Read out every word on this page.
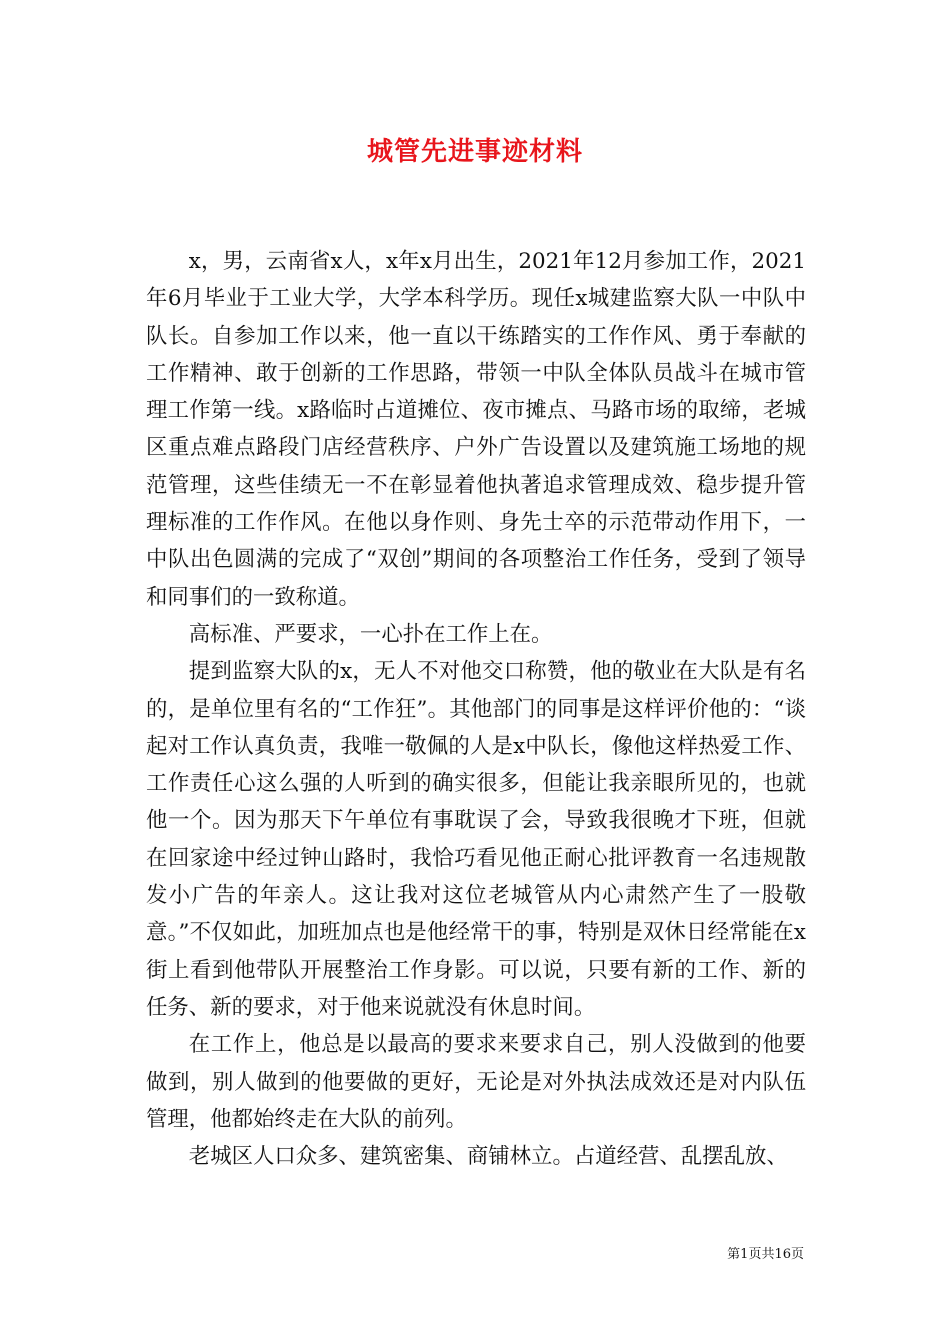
城管先进事迹材料

x，男，云南省x人，x年x月出生，2021年12月参加工作，2021年6月毕业于工业大学，大学本科学历。现任x城建监察大队一中队中队长。自参加工作以来，他一直以干练踏实的工作作风、勇于奉献的工作精神、敢于创新的工作思路，带领一中队全体队员战斗在城市管理工作第一线。x路临时占道摊位、夜市摊点、马路市场的取缔，老城区重点难点路段门店经营秩序、户外广告设置以及建筑施工场地的规范管理，这些佳绩无一不在彰显着他执著追求管理成效、稳步提升管理标准的工作作风。在他以身作则、身先士卒的示范带动作用下，一中队出色圆满的完成了“双创”期间的各项整治工作任务，受到了领导和同事们的一致称道。

高标准、严要求，一心扑在工作上在。

提到监察大队的x，无人不对他交口称赞，他的敬业在大队是有名的，是单位里有名的“工作狂”。其他部门的同事是这样评价他的：“谈起对工作认真负责，我唯一敬佩的人是x中队长，像他这样热爱工作、工作责任心这么强的人听到的确实很多，但能让我亲眼所见的，也就他一个。因为那天下午单位有事耽误了会，导致我很晚才下班，但就在回家途中经过钟山路时，我恰巧看见他正耐心批评教育一名违规散发小广告的年亲人。这让我对这位老城管从内心肃然产生了一股敬意。”不仅如此，加班加点也是他经常干的事，特别是双休日经常能在x街上看到他带队开展整治工作身影。可以说，只要有新的工作、新的任务、新的要求，对于他来说就没有休息时间。

在工作上，他总是以最高的要求来要求自己，别人没做到的他要做到，别人做到的他要做的更好，无论是对外执法成效还是对内队伍管理，他都始终走在大队的前列。

老城区人口众多、建筑密集、商铺林立。占道经营、乱摆乱放、

第1页共16页
